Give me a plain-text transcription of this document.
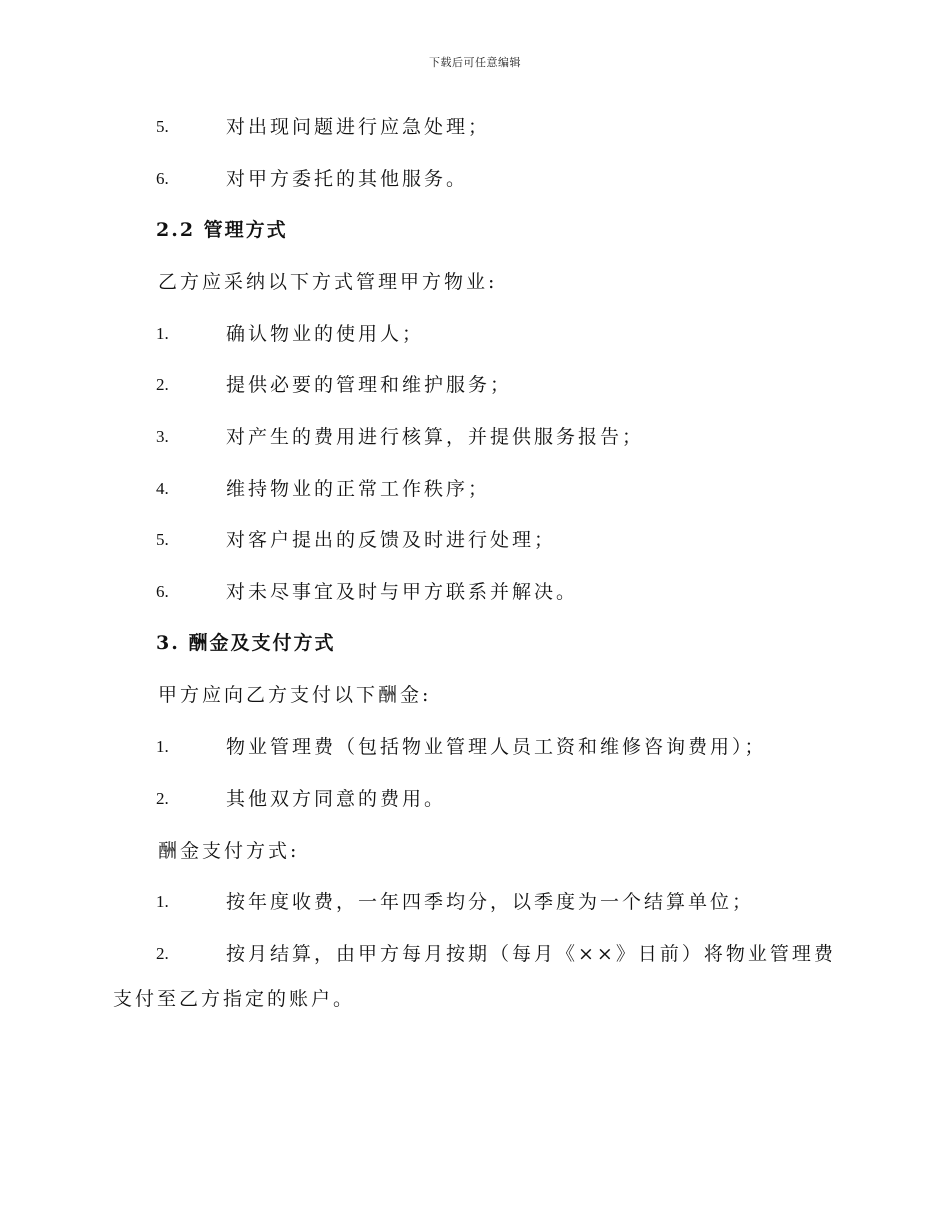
下载后可任意编辑
5.	对出现问题进行应急处理；
6.	对甲方委托的其他服务。
2.2 管理方式
乙方应采纳以下方式管理甲方物业:
1.	确认物业的使用人；
2.	提供必要的管理和维护服务；
3.	对产生的费用进行核算，并提供服务报告；
4.	维持物业的正常工作秩序；
5.	对客户提出的反馈及时进行处理；
6.	对未尽事宜及时与甲方联系并解决。
3. 酬金及支付方式
甲方应向乙方支付以下酬金:
1.	物业管理费（包括物业管理人员工资和维修咨询费用）；
2.	其他双方同意的费用。
酬金支付方式:
1.	按年度收费，一年四季均分，以季度为一个结算单位；
2.	按月结算，由甲方每月按期（每月《××》日前）将物业管理费
支付至乙方指定的账户。
